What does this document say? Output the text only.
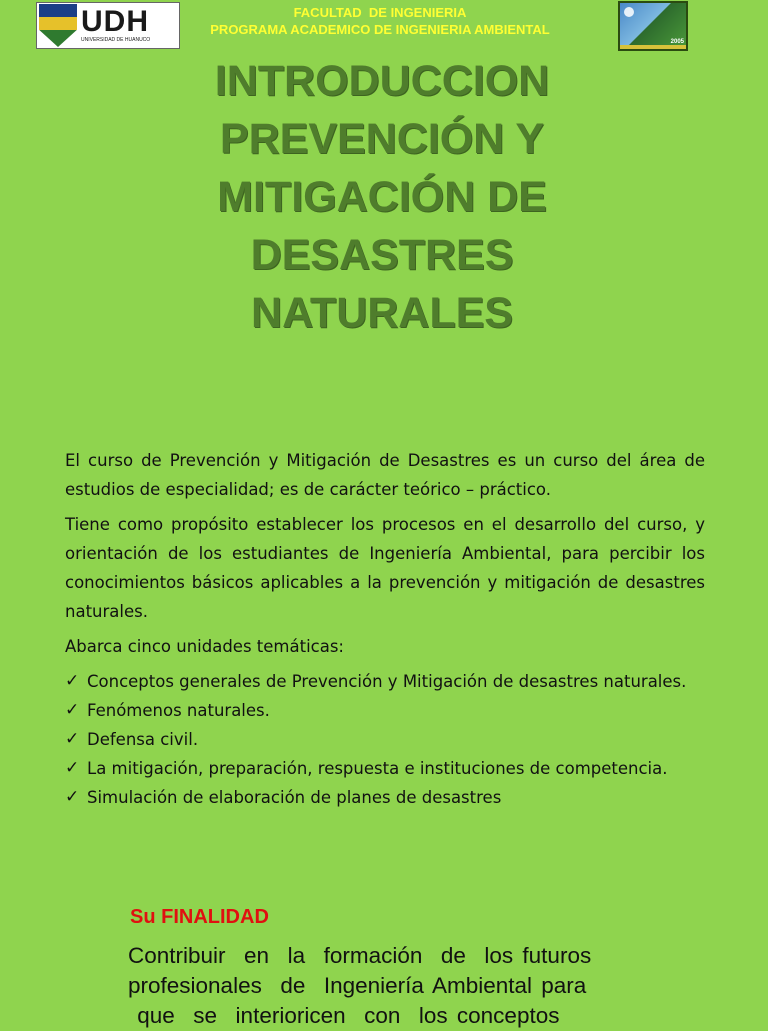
UDH
UNIVERSIDAD DE HUANUCO
FACULTAD  DE INGENIERIA
PROGRAMA ACADEMICO DE INGENIERIA AMBIENTAL
2005
INTRODUCCION
PREVENCIÓN Y
MITIGACIÓN DE
DESASTRES
NATURALES

El curso de Prevención y Mitigación de Desastres es un curso del área de estudios de especialidad; es de carácter teórico – práctico.

Tiene como propósito establecer los procesos en el desarrollo del curso, y orientación de los estudiantes de Ingeniería Ambiental, para percibir los conocimientos básicos aplicables a la prevención y mitigación de desastres naturales.

Abarca cinco unidades temáticas:

✓ Conceptos generales de Prevención y Mitigación de desastres naturales.
✓ Fenómenos naturales.
✓ Defensa civil.
✓ La mitigación, preparación, respuesta e instituciones de competencia.
✓ Simulación de elaboración de planes de desastres
Su FINALIDAD
Contribuir  en  la  formación  de  los futuros
profesionales  de  Ingeniería Ambiental para
que  se  interioricen  con  los conceptos
